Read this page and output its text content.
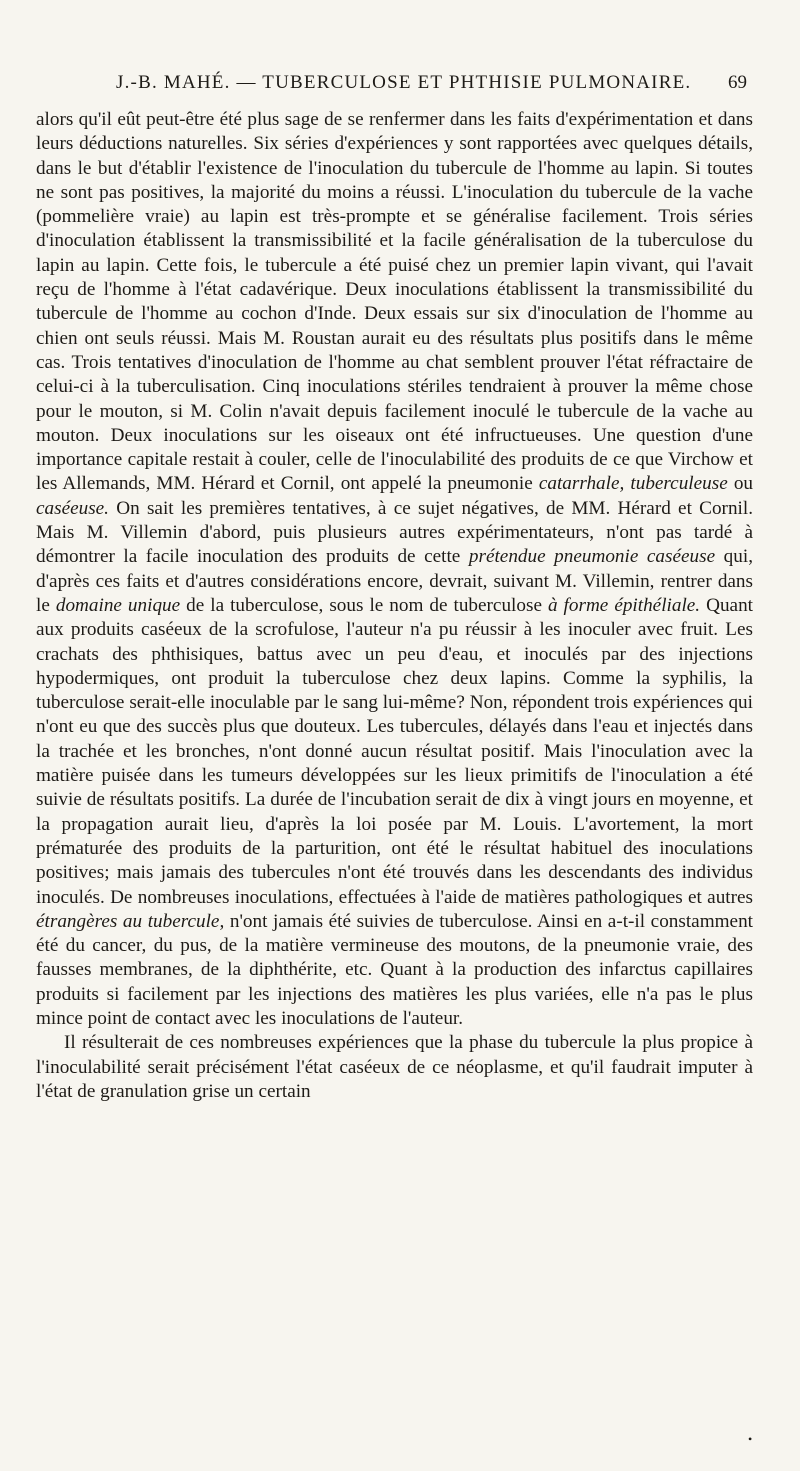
J.-B. MAHÉ. — TUBERCULOSE ET PHTHISIE PULMONAIRE. 69

alors qu'il eût peut-être été plus sage de se renfermer dans les faits d'expérimentation et dans leurs déductions naturelles. Six séries d'expériences y sont rapportées avec quelques détails, dans le but d'établir l'existence de l'inoculation du tubercule de l'homme au lapin. Si toutes ne sont pas positives, la majorité du moins a réussi. L'inoculation du tubercule de la vache (pommelière vraie) au lapin est très-prompte et se généralise facilement. Trois séries d'inoculation établissent la transmissibilité et la facile généralisation de la tuberculose du lapin au lapin. Cette fois, le tubercule a été puisé chez un premier lapin vivant, qui l'avait reçu de l'homme à l'état cadavérique. Deux inoculations établissent la transmissibilité du tubercule de l'homme au cochon d'Inde. Deux essais sur six d'inoculation de l'homme au chien ont seuls réussi. Mais M. Roustan aurait eu des résultats plus positifs dans le même cas. Trois tentatives d'inoculation de l'homme au chat semblent prouver l'état réfractaire de celui-ci à la tuberculisation. Cinq inoculations stériles tendraient à prouver la même chose pour le mouton, si M. Colin n'avait depuis facilement inoculé le tubercule de la vache au mouton. Deux inoculations sur les oiseaux ont été infructueuses. Une question d'une importance capitale restait à couler, celle de l'inoculabilité des produits de ce que Virchow et les Allemands, MM. Hérard et Cornil, ont appelé la pneumonie catarrhale, tuberculeuse ou caséeuse. On sait les premières tentatives, à ce sujet négatives, de MM. Hérard et Cornil. Mais M. Villemin d'abord, puis plusieurs autres expérimentateurs, n'ont pas tardé à démontrer la facile inoculation des produits de cette prétendue pneumonie caséeuse qui, d'après ces faits et d'autres considérations encore, devrait, suivant M. Villemin, rentrer dans le domaine unique de la tuberculose, sous le nom de tuberculose à forme épithéliale. Quant aux produits caséeux de la scrofulose, l'auteur n'a pu réussir à les inoculer avec fruit. Les crachats des phthisiques, battus avec un peu d'eau, et inoculés par des injections hypodermiques, ont produit la tuberculose chez deux lapins. Comme la syphilis, la tuberculose serait-elle inoculable par le sang lui-même? Non, répondent trois expériences qui n'ont eu que des succès plus que douteux. Les tubercules, délayés dans l'eau et injectés dans la trachée et les bronches, n'ont donné aucun résultat positif. Mais l'inoculation avec la matière puisée dans les tumeurs développées sur les lieux primitifs de l'inoculation a été suivie de résultats positifs. La durée de l'incubation serait de dix à vingt jours en moyenne, et la propagation aurait lieu, d'après la loi posée par M. Louis. L'avortement, la mort prématurée des produits de la parturition, ont été le résultat habituel des inoculations positives; mais jamais des tubercules n'ont été trouvés dans les descendants des individus inoculés. De nombreuses inoculations, effectuées à l'aide de matières pathologiques et autres étrangères au tubercule, n'ont jamais été suivies de tuberculose. Ainsi en a-t-il constamment été du cancer, du pus, de la matière vermineuse des moutons, de la pneumonie vraie, des fausses membranes, de la diphthérite, etc. Quant à la production des infarctus capillaires produits si facilement par les injections des matières les plus variées, elle n'a pas le plus mince point de contact avec les inoculations de l'auteur.

Il résulterait de ces nombreuses expériences que la phase du tubercule la plus propice à l'inoculabilité serait précisément l'état caséeux de ce néoplasme, et qu'il faudrait imputer à l'état de granulation grise un certain

•
